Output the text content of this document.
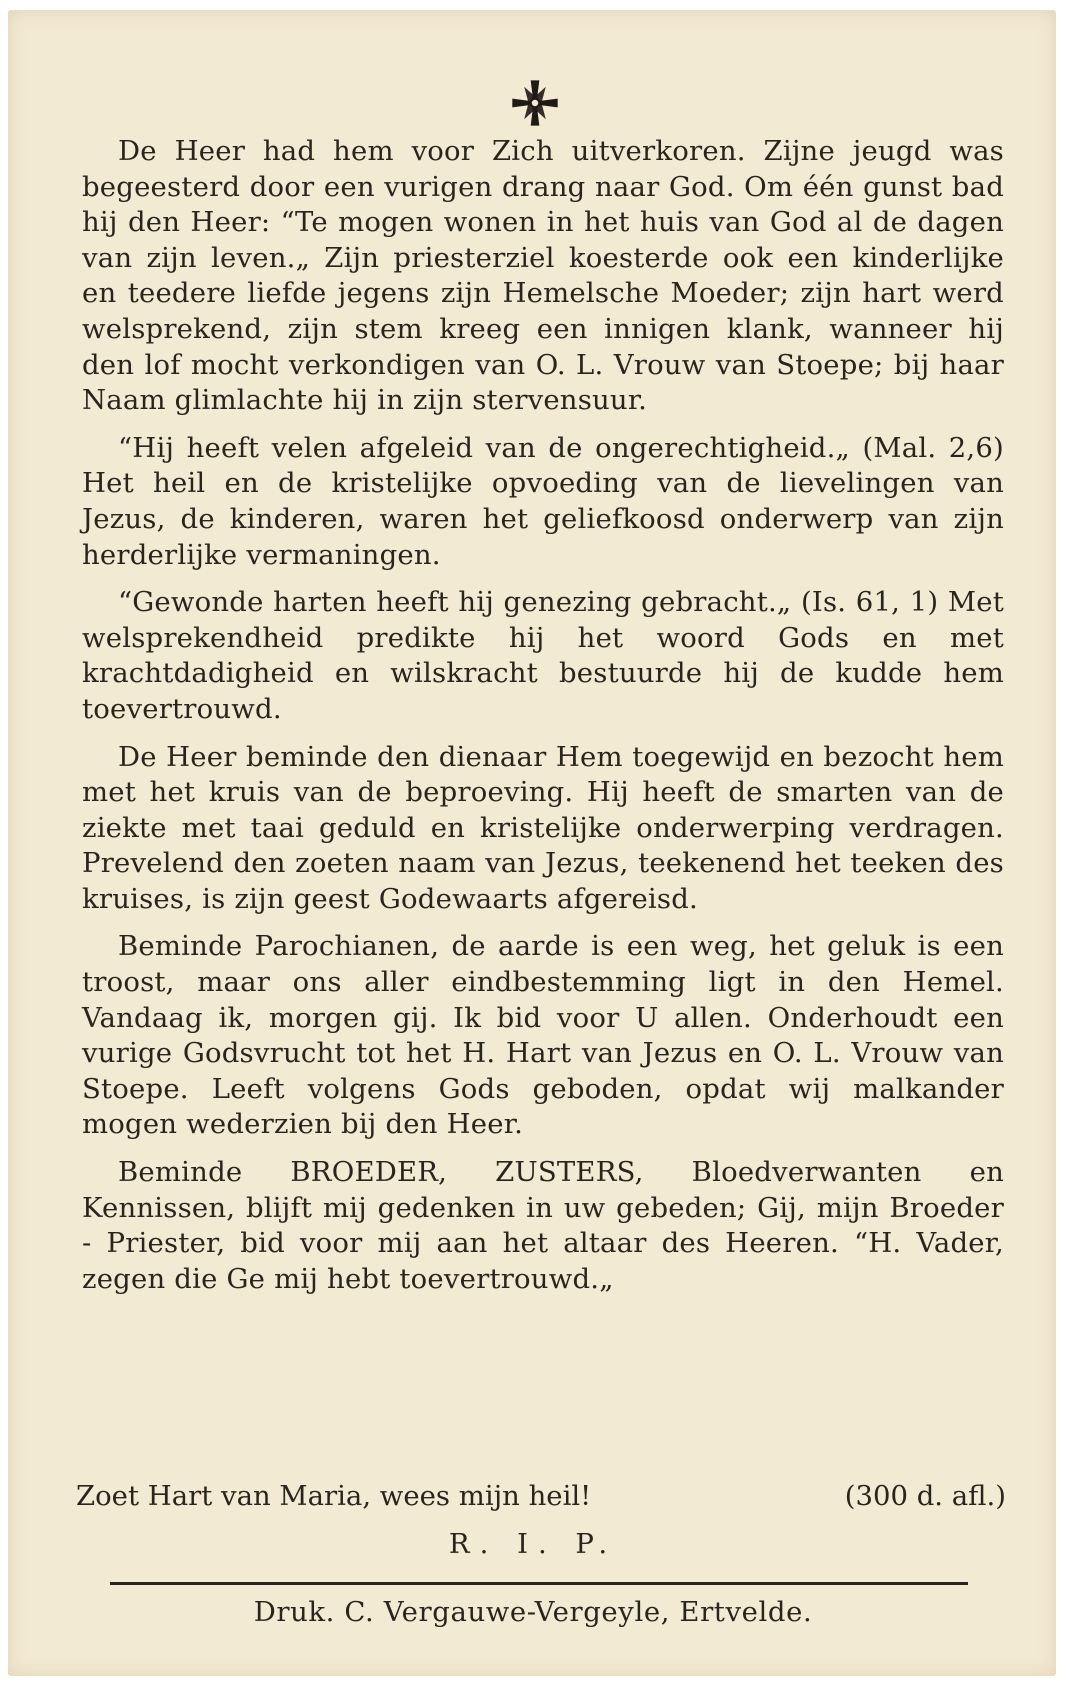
De Heer had hem voor Zich uitverkoren. Zijne jeugd was begeesterd door een vurigen drang naar God. Om één gunst bad hij den Heer: “Te mogen wonen in het huis van God al de dagen van zijn leven.„ Zijn priesterziel koesterde ook een kinderlijke en teedere liefde jegens zijn Hemelsche Moeder; zijn hart werd welsprekend, zijn stem kreeg een innigen klank, wanneer hij den lof mocht verkondigen van O. L. Vrouw van Stoepe; bij haar Naam glimlachte hij in zijn stervensuur.

“Hij heeft velen afgeleid van de ongerechtigheid.„ (Mal. 2,6) Het heil en de kristelijke opvoeding van de lievelingen van Jezus, de kinderen, waren het geliefkoosd onderwerp van zijn herderlijke vermaningen.

“Gewonde harten heeft hij genezing gebracht.„ (Is. 61, 1) Met welsprekendheid predikte hij het woord Gods en met krachtdadigheid en wilskracht bestuurde hij de kudde hem toevertrouwd.

De Heer beminde den dienaar Hem toegewijd en bezocht hem met het kruis van de beproeving. Hij heeft de smarten van de ziekte met taai geduld en kristelijke onderwerping verdragen. Prevelend den zoeten naam van Jezus, teekenend het teeken des kruises, is zijn geest Godewaarts afgereisd.

Beminde Parochianen, de aarde is een weg, het geluk is een troost, maar ons aller eindbestemming ligt in den Hemel. Vandaag ik, morgen gij. Ik bid voor U allen. Onderhoudt een vurige Godsvrucht tot het H. Hart van Jezus en O. L. Vrouw van Stoepe. Leeft volgens Gods geboden, opdat wij malkander mogen wederzien bij den Heer.

Beminde BROEDER, ZUSTERS, Bloedverwanten en Kennissen, blijft mij gedenken in uw gebeden; Gij, mijn Broeder - Priester, bid voor mij aan het altaar des Heeren. “H. Vader, zegen die Ge mij hebt toevertrouwd.„

Zoet Hart van Maria, wees mijn heil!	(300 d. afl.)
R. I. P.
Druk. C. Vergauwe-Vergeyle, Ertvelde.
